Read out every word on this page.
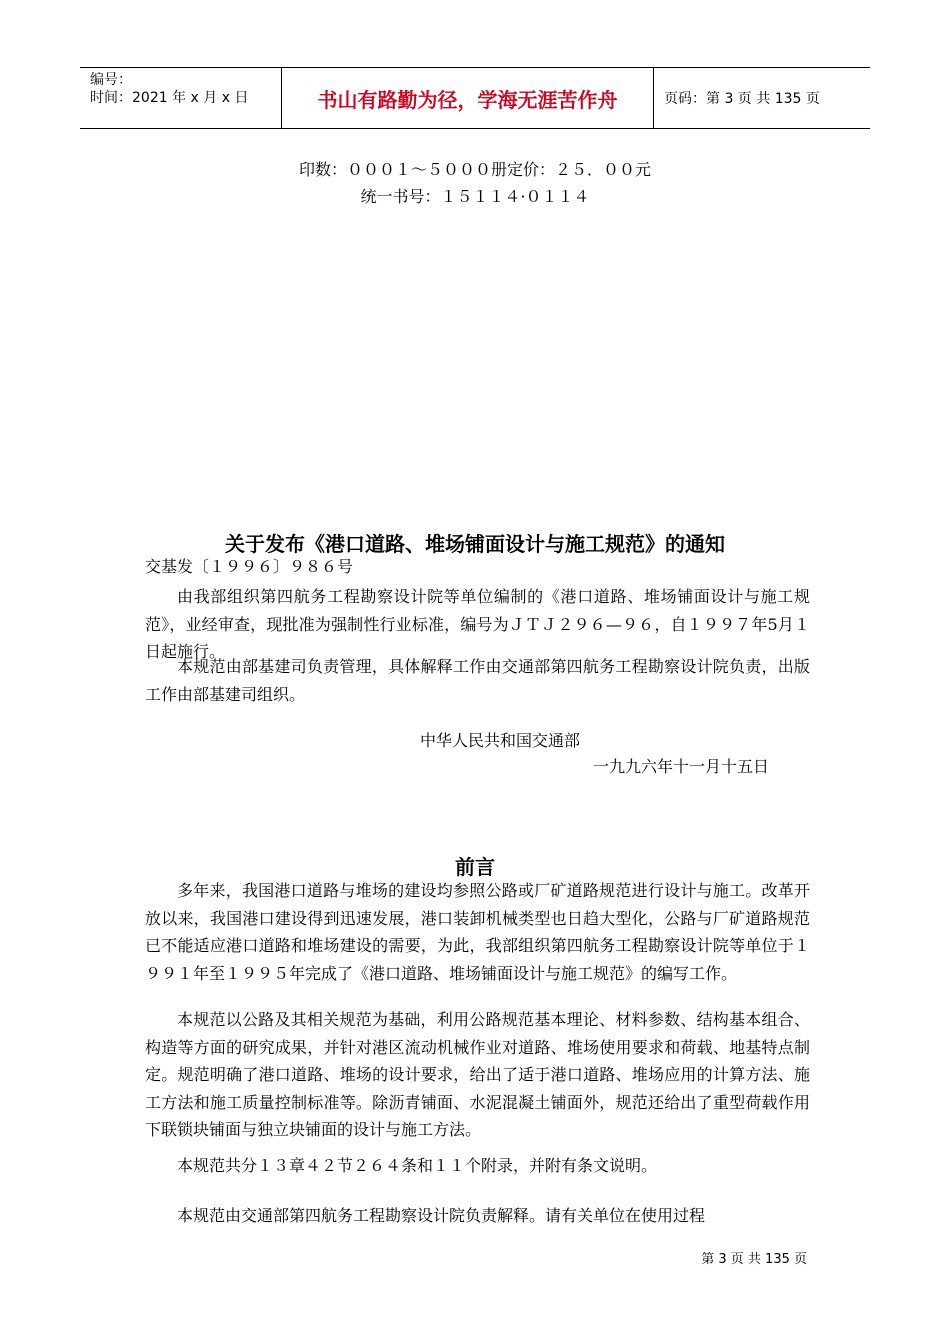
编号：
时间：2021 年 x 月 x 日	书山有路勤为径，学海无涯苦作舟	页码：第 3 页 共 135 页
印数：０００１～５０００册定价：２５．００元
统一书号：１５１１４·０１１４
关于发布《港口道路、堆场铺面设计与施工规范》的通知
交基发〔１９９６〕９８６号
由我部组织第四航务工程勘察设计院等单位编制的《港口道路、堆场铺面设计与施工规范》，业经审查，现批准为强制性行业标准，编号为ＪＴＪ２９６—９６，自１９９７年5月１日起施行。
本规范由部基建司负责管理，具体解释工作由交通部第四航务工程勘察设计院负责，出版工作由部基建司组织。
中华人民共和国交通部
一九九六年十一月十五日
前言
多年来，我国港口道路与堆场的建设均参照公路或厂矿道路规范进行设计与施工。改革开放以来，我国港口建设得到迅速发展，港口装卸机械类型也日趋大型化，公路与厂矿道路规范已不能适应港口道路和堆场建设的需要，为此，我部组织第四航务工程勘察设计院等单位于１９９１年至１９９５年完成了《港口道路、堆场铺面设计与施工规范》的编写工作。
本规范以公路及其相关规范为基础，利用公路规范基本理论、材料参数、结构基本组合、构造等方面的研究成果，并针对港区流动机械作业对道路、堆场使用要求和荷载、地基特点制定。规范明确了港口道路、堆场的设计要求，给出了适于港口道路、堆场应用的计算方法、施工方法和施工质量控制标准等。除沥青铺面、水泥混凝土铺面外，规范还给出了重型荷载作用下联锁块铺面与独立块铺面的设计与施工方法。
本规范共分１３章４２节２６４条和１１个附录，并附有条文说明。
本规范由交通部第四航务工程勘察设计院负责解释。请有关单位在使用过程
第 3 页 共 135 页
